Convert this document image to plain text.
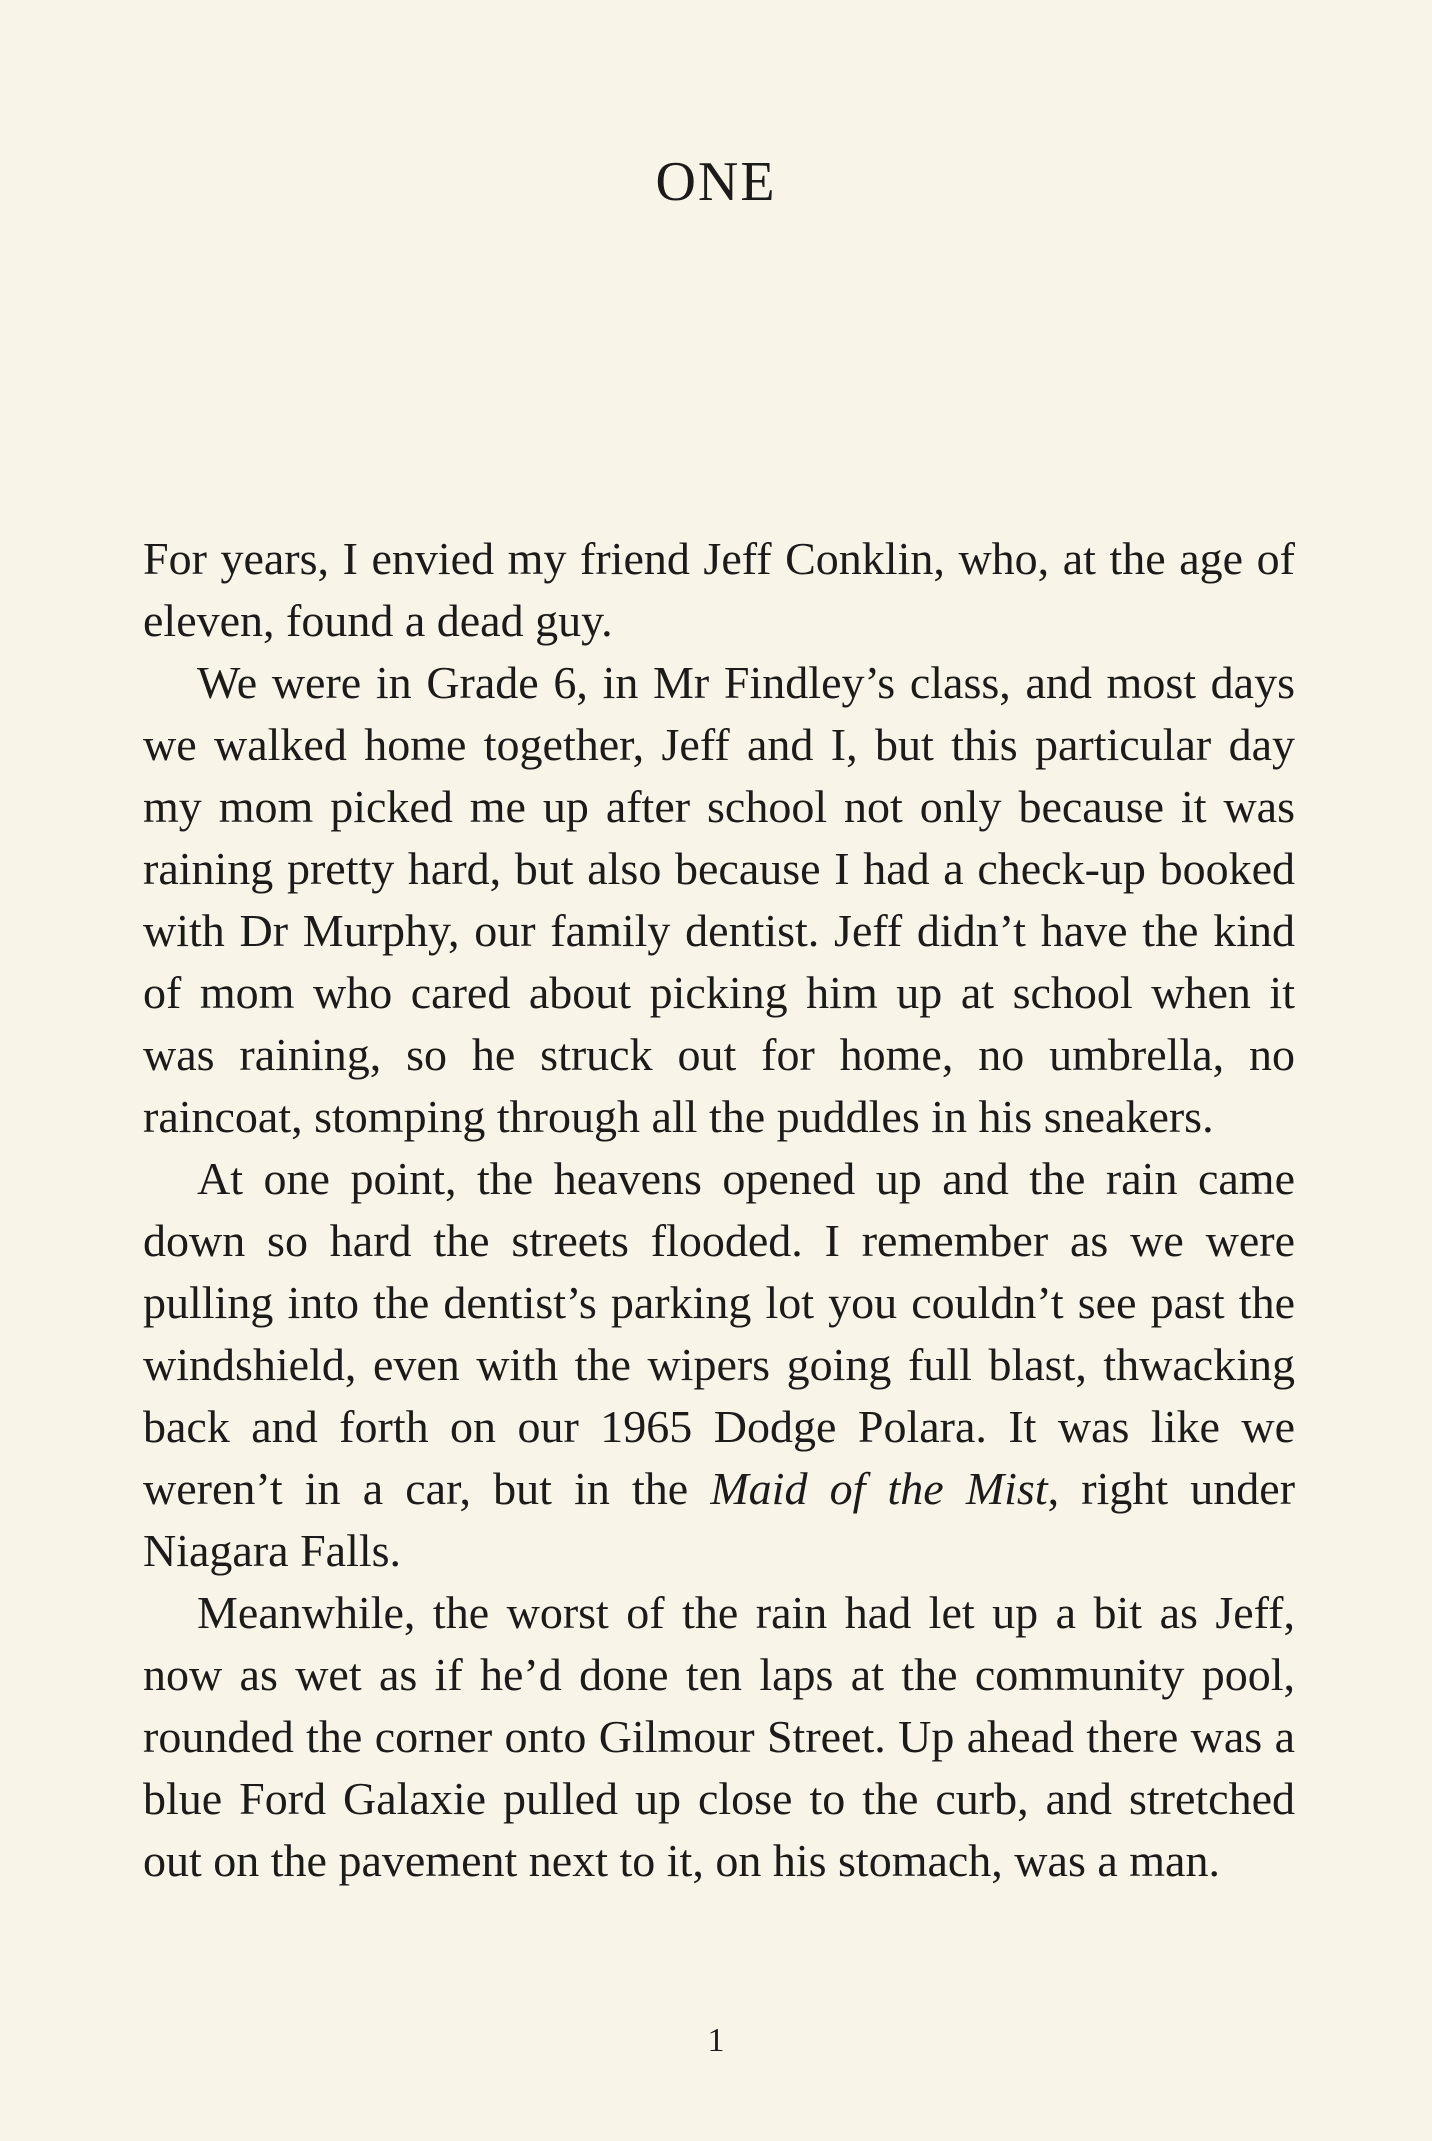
ONE

For years, I envied my friend Jeff Conklin, who, at the age of eleven, found a dead guy.

We were in Grade 6, in Mr Findley’s class, and most days we walked home together, Jeff and I, but this particular day my mom picked me up after school not only because it was raining pretty hard, but also because I had a check-up booked with Dr Murphy, our family dentist. Jeff didn’t have the kind of mom who cared about picking him up at school when it was raining, so he struck out for home, no umbrella, no raincoat, stomping through all the puddles in his sneakers.

At one point, the heavens opened up and the rain came down so hard the streets flooded. I remember as we were pulling into the dentist’s parking lot you couldn’t see past the windshield, even with the wipers going full blast, thwacking back and forth on our 1965 Dodge Polara. It was like we weren’t in a car, but in the Maid of the Mist, right under Niagara Falls.

Meanwhile, the worst of the rain had let up a bit as Jeff, now as wet as if he’d done ten laps at the community pool, rounded the corner onto Gilmour Street. Up ahead there was a blue Ford Galaxie pulled up close to the curb, and stretched out on the pavement next to it, on his stomach, was a man.

1
